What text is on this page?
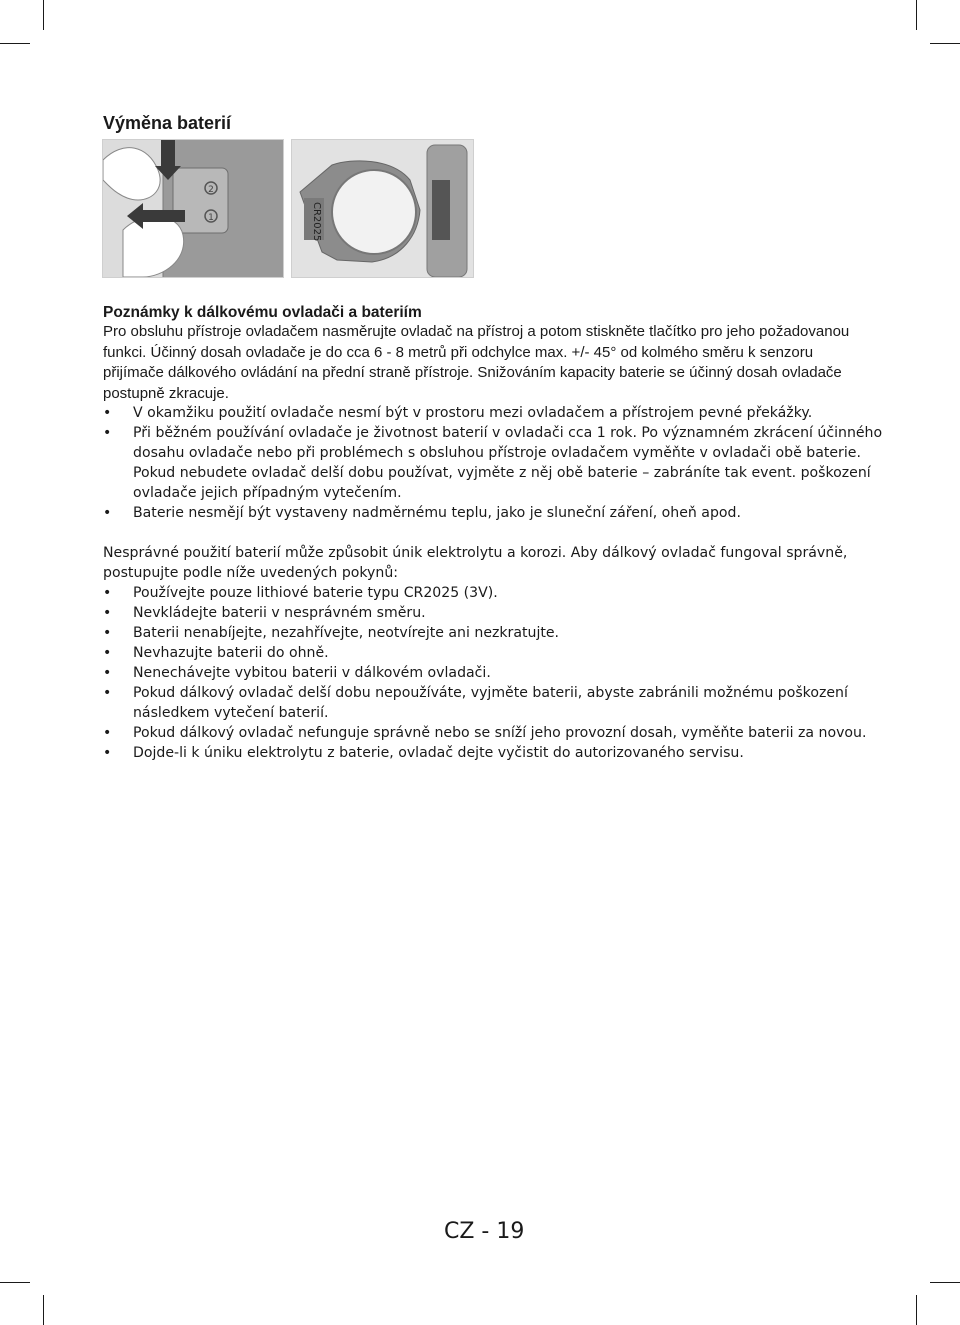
Výměna baterií
2
1	CR2025
Poznámky k dálkovému ovladači a bateriím

Pro obsluhu přístroje ovladačem nasměrujte ovladač na přístroj a potom stiskněte tlačítko pro jeho požadovanou funkci. Účinný dosah ovladače je do cca 6 - 8 metrů při odchylce max. +/- 45° od kolmého směru k senzoru přijímače dálkového ovládání na přední straně přístroje. Snižováním kapacity baterie se účinný dosah ovladače postupně zkracuje.

•	V okamžiku použití ovladače nesmí být v prostoru mezi ovladačem a přístrojem pevné překážky.
•	Při běžném používání ovladače je životnost baterií v ovladači cca 1 rok. Po významném zkrácení účinného dosahu ovladače nebo při problémech s obsluhou přístroje ovladačem vyměňte v ovladači obě baterie. Pokud nebudete ovladač delší dobu používat, vyjměte z něj obě baterie – zabráníte tak event. poškození ovladače jejich případným vytečením.
•	Baterie nesmějí být vystaveny nadměrnému teplu, jako je sluneční záření, oheň apod.

Nesprávné použití baterií může způsobit únik elektrolytu a korozi. Aby dálkový ovladač fungoval správně, postupujte podle níže uvedených pokynů:

•	Používejte pouze lithiové baterie typu CR2025 (3V).
•	Nevkládejte baterii v nesprávném směru.
•	Baterii nenabíjejte, nezahřívejte, neotvírejte ani nezkratujte.
•	Nevhazujte baterii do ohně.
•	Nenechávejte vybitou baterii v dálkovém ovladači.
•	Pokud dálkový ovladač delší dobu nepoužíváte, vyjměte baterii, abyste zabránili možnému poškození následkem vytečení baterií.
•	Pokud dálkový ovladač nefunguje správně nebo se sníží jeho provozní dosah, vyměňte baterii za novou.
•	Dojde-li k úniku elektrolytu z baterie, ovladač dejte vyčistit do autorizovaného servisu.
CZ - 19
